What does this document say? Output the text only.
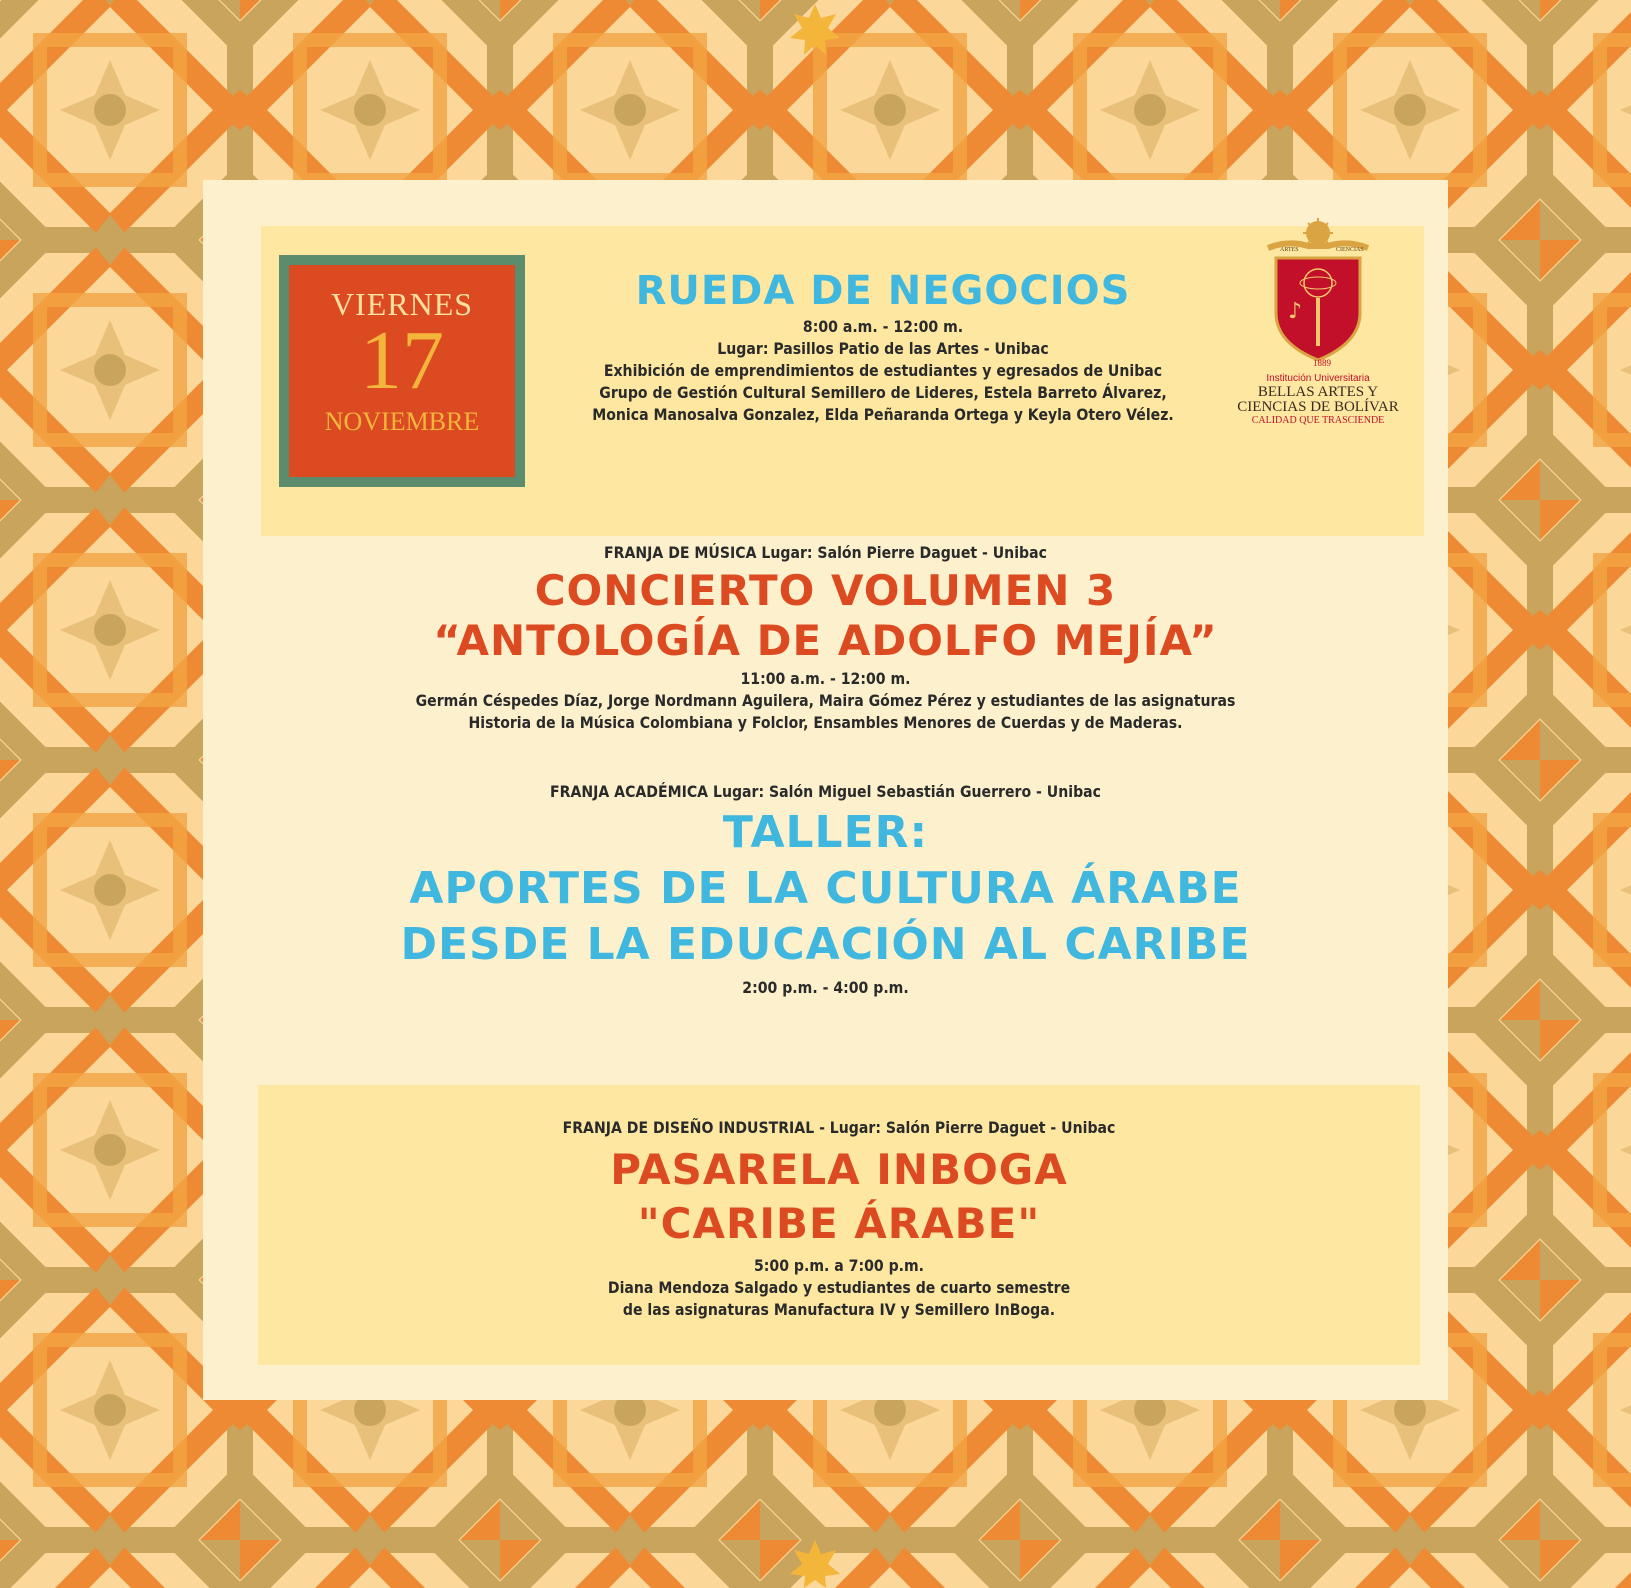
VIERNES
17
NOVIEMBRE
RUEDA DE NEGOCIOS
8:00 a.m. - 12:00 m.
Lugar: Pasillos Patio de las Artes - Unibac
Exhibición de emprendimientos de estudiantes y egresados de Unibac
Grupo de Gestión Cultural Semillero de Lideres, Estela Barreto Álvarez,
Monica Manosalva Gonzalez, Elda Peñaranda Ortega y Keyla Otero Vélez.
ARTES	CIENCIAS
♪
1889
Institución Universitaria
BELLAS ARTES Y
CIENCIAS DE BOLÍVAR
CALIDAD QUE TRASCIENDE
FRANJA DE MÚSICA Lugar: Salón Pierre Daguet - Unibac
CONCIERTO VOLUMEN 3
“ANTOLOGÍA DE ADOLFO MEJÍA”
11:00 a.m. - 12:00 m.
Germán Céspedes Díaz, Jorge Nordmann Aguilera, Maira Gómez Pérez y estudiantes de las asignaturas
Historia de la Música Colombiana y Folclor, Ensambles Menores de Cuerdas y de Maderas.
FRANJA ACADÉMICA Lugar: Salón Miguel Sebastián Guerrero - Unibac
TALLER:
APORTES DE LA CULTURA ÁRABE
DESDE LA EDUCACIÓN AL CARIBE
2:00 p.m. - 4:00 p.m.
FRANJA DE DISEÑO INDUSTRIAL - Lugar: Salón Pierre Daguet - Unibac
PASARELA INBOGA
"CARIBE ÁRABE"
5:00 p.m. a 7:00 p.m.
Diana Mendoza Salgado y estudiantes de cuarto semestre
de las asignaturas Manufactura IV y Semillero InBoga.
